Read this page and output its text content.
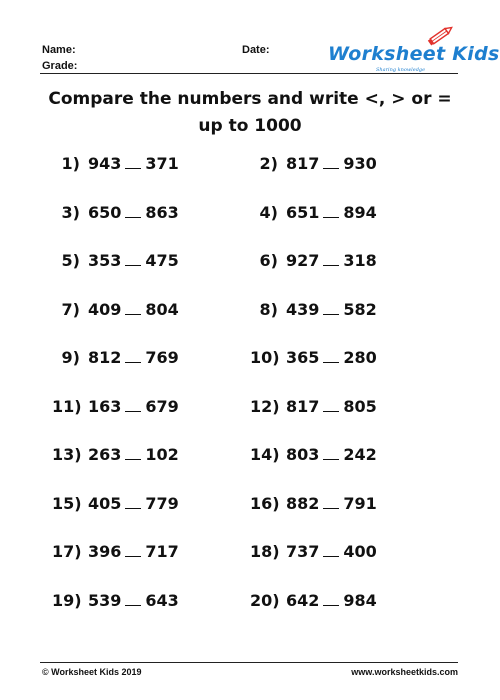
Name:
Grade:
Date:	Worksheet Kids
Sharing knowledge
Compare the numbers and write <, > or =
up to 1000
1) 943 371	2) 817 930
3) 650 863	4) 651 894
5) 353 475	6) 927 318
7) 409 804	8) 439 582
9) 812 769	10) 365 280
11) 163 679	12) 817 805
13) 263 102	14) 803 242
15) 405 779	16) 882 791
17) 396 717	18) 737 400
19) 539 643	20) 642 984
© Worksheet Kids 2019	www.worksheetkids.com
